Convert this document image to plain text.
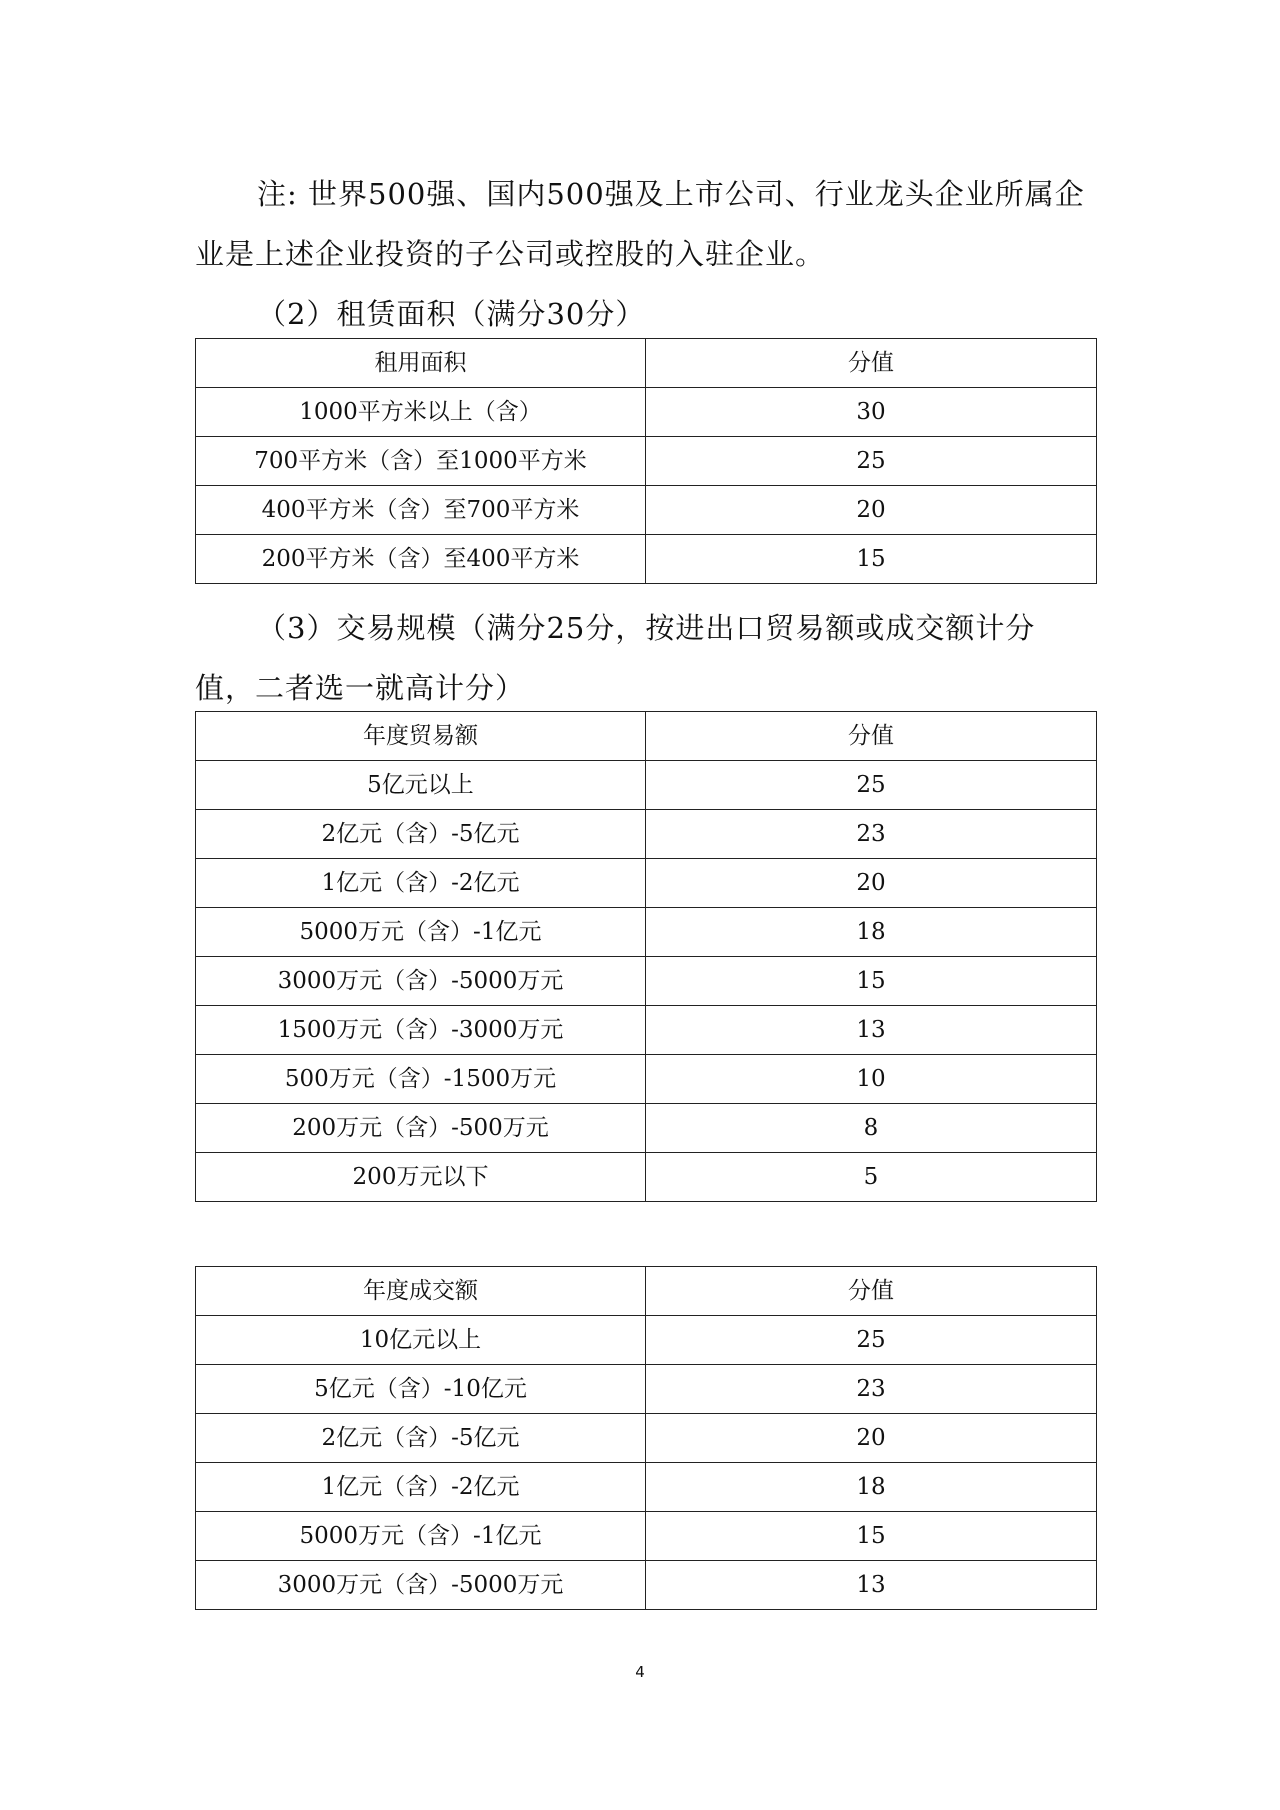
注: 世界500强、国内500强及上市公司、行业龙头企业所属企
业是上述企业投资的子公司或控股的入驻企业。
（2）租赁面积（满分30分）
租用面积	分值
1000平方米以上（含）	30
700平方米（含）至1000平方米	25
400平方米（含）至700平方米	20
200平方米（含）至400平方米	15
（3）交易规模（满分25分，按进出口贸易额或成交额计分
值，二者选一就高计分）
年度贸易额	分值
5亿元以上	25
2亿元（含）-5亿元	23
1亿元（含）-2亿元	20
5000万元（含）-1亿元	18
3000万元（含）-5000万元	15
1500万元（含）-3000万元	13
500万元（含）-1500万元	10
200万元（含）-500万元	8
200万元以下	5
年度成交额	分值
10亿元以上	25
5亿元（含）-10亿元	23
2亿元（含）-5亿元	20
1亿元（含）-2亿元	18
5000万元（含）-1亿元	15
3000万元（含）-5000万元	13
4
